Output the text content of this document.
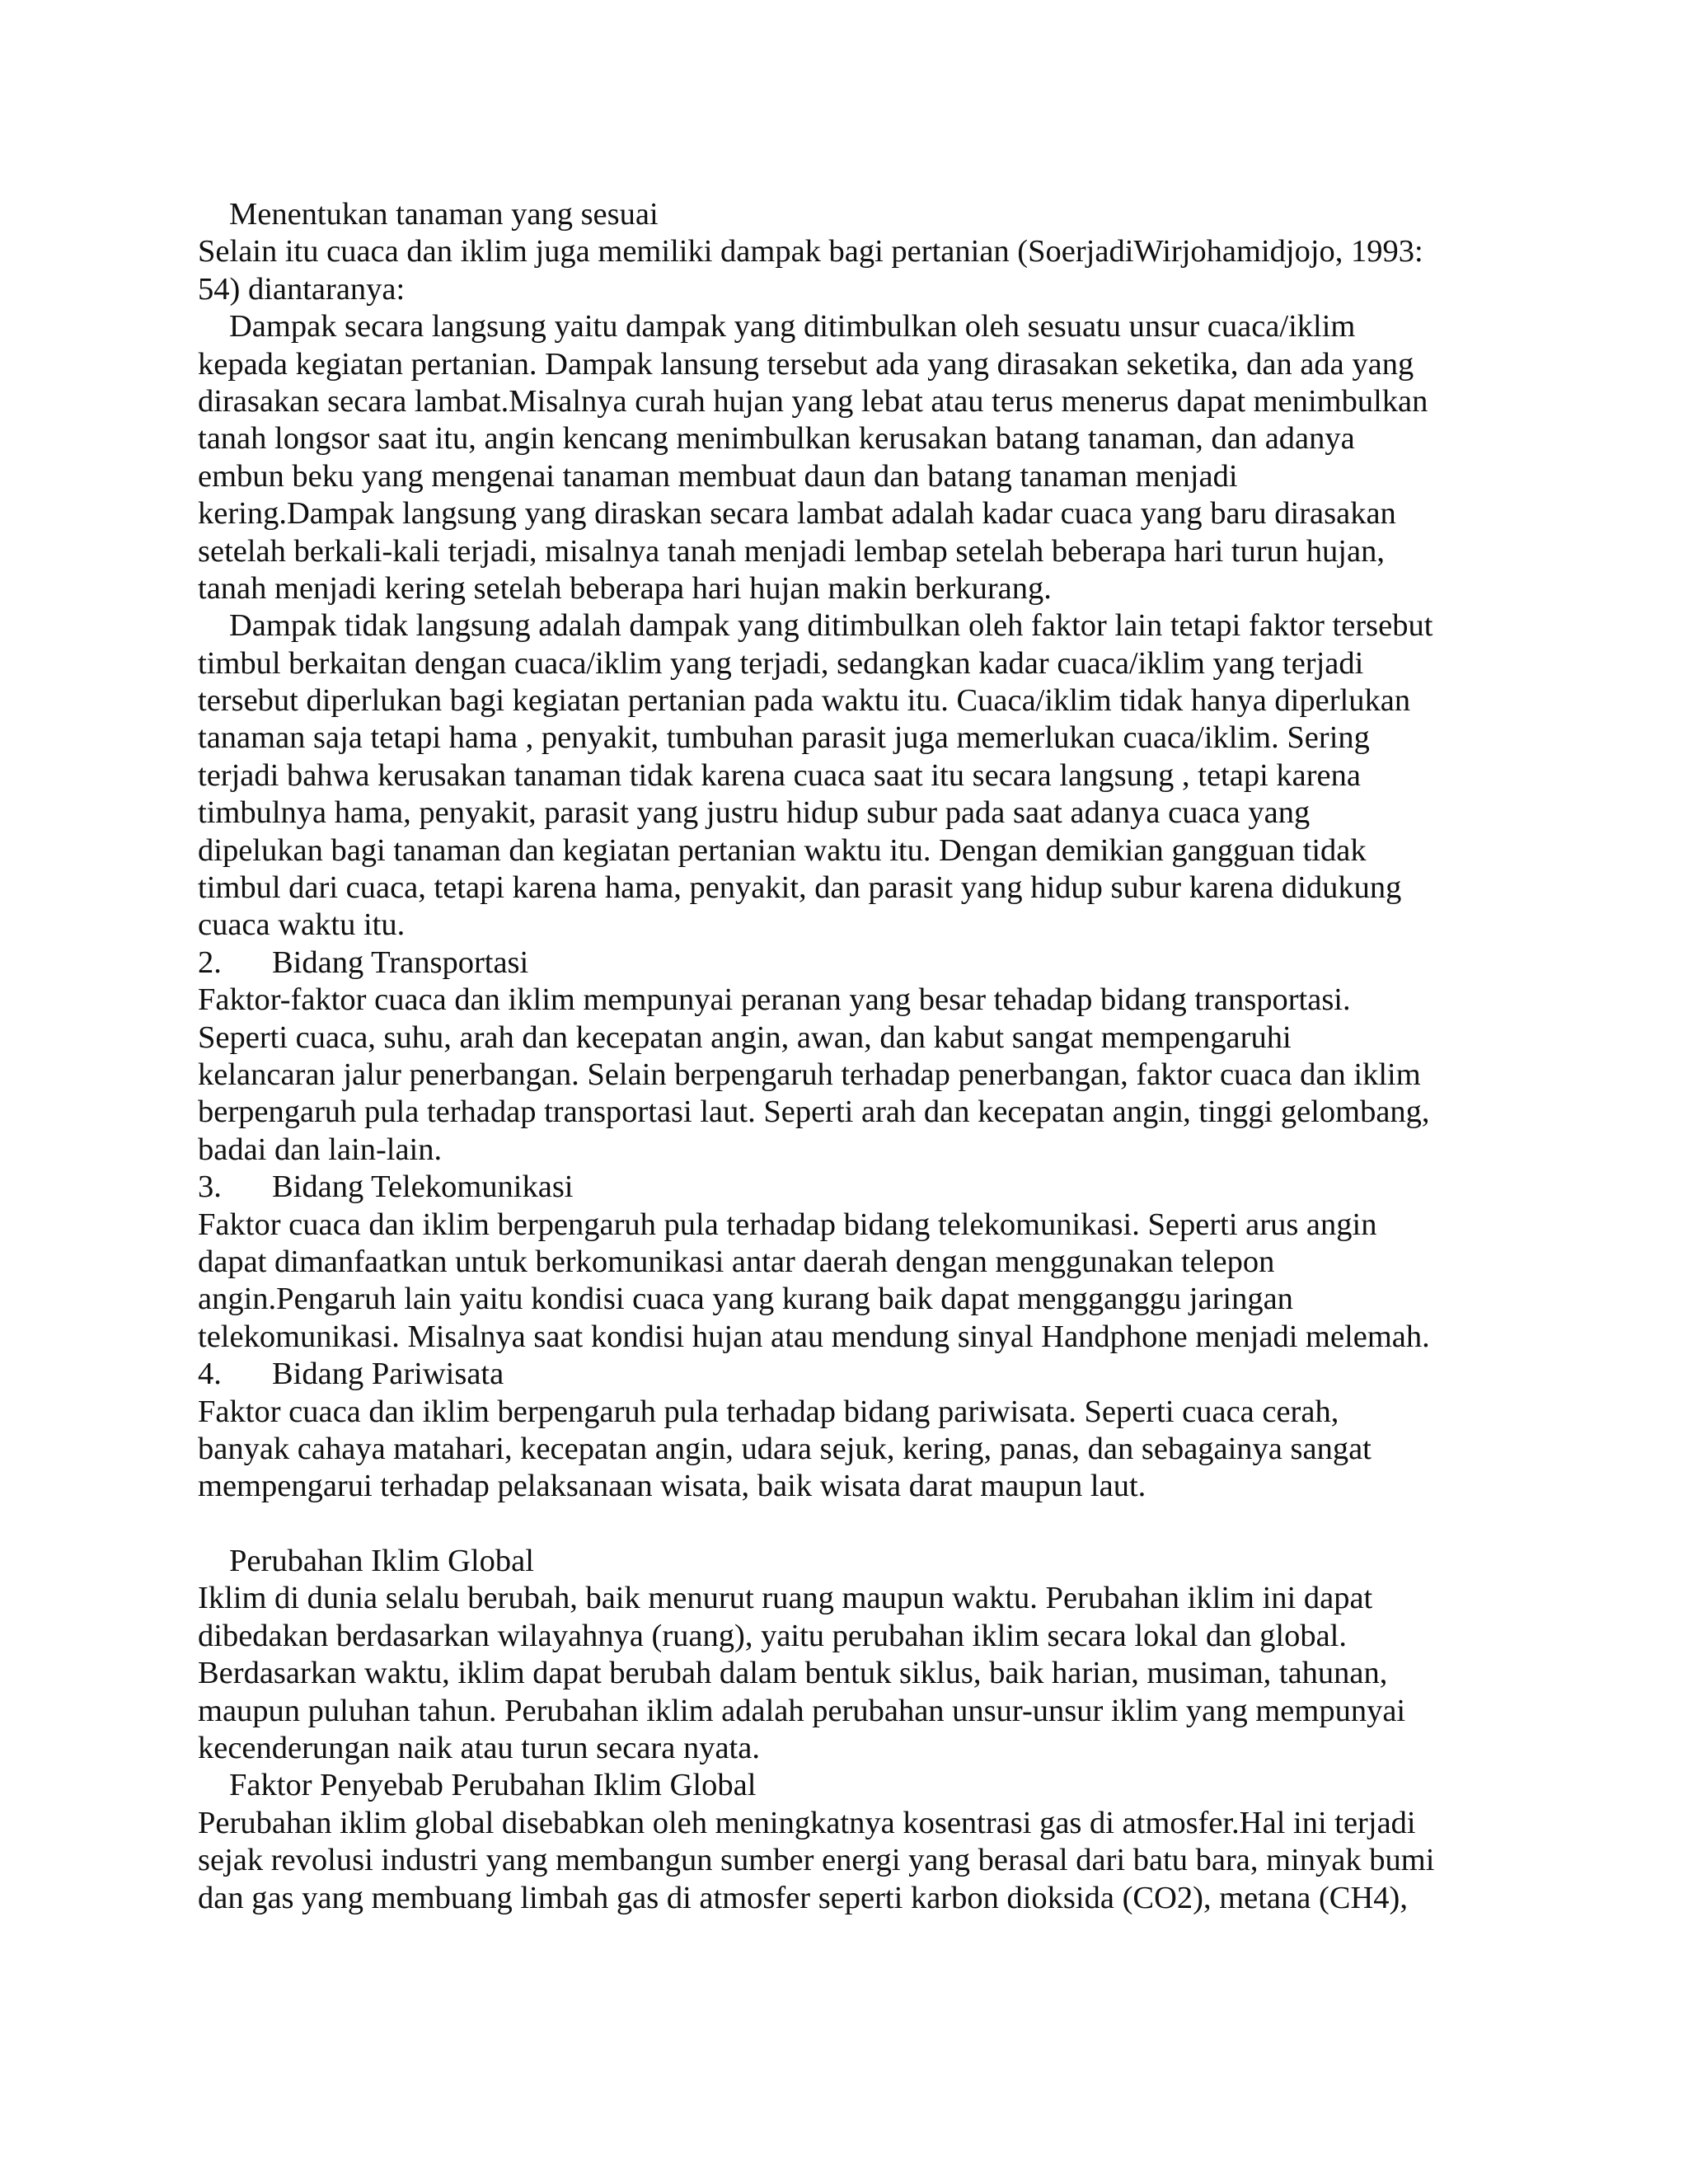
Menentukan tanaman yang sesuai
Selain itu cuaca dan iklim juga memiliki dampak bagi pertanian (SoerjadiWirjohamidjojo, 1993:
54) diantaranya:
Dampak secara langsung yaitu dampak yang ditimbulkan oleh sesuatu unsur cuaca/iklim
kepada kegiatan pertanian. Dampak lansung tersebut ada yang dirasakan seketika, dan ada yang
dirasakan secara lambat.Misalnya curah hujan yang lebat atau terus menerus dapat menimbulkan
tanah longsor saat itu, angin kencang menimbulkan kerusakan batang tanaman, dan adanya
embun beku yang mengenai tanaman membuat daun dan batang tanaman menjadi
kering.Dampak langsung yang diraskan secara lambat adalah kadar cuaca yang baru dirasakan
setelah berkali-kali terjadi, misalnya tanah menjadi lembap setelah beberapa hari turun hujan,
tanah menjadi kering setelah beberapa hari hujan makin berkurang.
Dampak tidak langsung adalah dampak yang ditimbulkan oleh faktor lain tetapi faktor tersebut
timbul berkaitan dengan cuaca/iklim yang terjadi, sedangkan kadar cuaca/iklim yang terjadi
tersebut diperlukan bagi kegiatan pertanian pada waktu itu. Cuaca/iklim tidak hanya diperlukan
tanaman saja tetapi hama , penyakit, tumbuhan parasit juga memerlukan cuaca/iklim. Sering
terjadi bahwa kerusakan tanaman tidak karena cuaca saat itu secara langsung , tetapi karena
timbulnya hama, penyakit, parasit yang justru hidup subur pada saat adanya cuaca yang
dipelukan bagi tanaman dan kegiatan pertanian waktu itu. Dengan demikian gangguan tidak
timbul dari cuaca, tetapi karena hama, penyakit, dan parasit yang hidup subur karena didukung
cuaca waktu itu.
2. Bidang Transportasi
Faktor-faktor cuaca dan iklim mempunyai peranan yang besar tehadap bidang transportasi.
Seperti cuaca, suhu, arah dan kecepatan angin, awan, dan kabut sangat mempengaruhi
kelancaran jalur penerbangan. Selain berpengaruh terhadap penerbangan, faktor cuaca dan iklim
berpengaruh pula terhadap transportasi laut. Seperti arah dan kecepatan angin, tinggi gelombang,
badai dan lain-lain.
3. Bidang Telekomunikasi
Faktor cuaca dan iklim berpengaruh pula terhadap bidang telekomunikasi. Seperti arus angin
dapat dimanfaatkan untuk berkomunikasi antar daerah dengan menggunakan telepon
angin.Pengaruh lain yaitu kondisi cuaca yang kurang baik dapat mengganggu jaringan
telekomunikasi. Misalnya saat kondisi hujan atau mendung sinyal Handphone menjadi melemah.
4. Bidang Pariwisata
Faktor cuaca dan iklim berpengaruh pula terhadap bidang pariwisata. Seperti cuaca cerah,
banyak cahaya matahari, kecepatan angin, udara sejuk, kering, panas, dan sebagainya sangat
mempengarui terhadap pelaksanaan wisata, baik wisata darat maupun laut.
Perubahan Iklim Global
Iklim di dunia selalu berubah, baik menurut ruang maupun waktu. Perubahan iklim ini dapat
dibedakan berdasarkan wilayahnya (ruang), yaitu perubahan iklim secara lokal dan global.
Berdasarkan waktu, iklim dapat berubah dalam bentuk siklus, baik harian, musiman, tahunan,
maupun puluhan tahun. Perubahan iklim adalah perubahan unsur-unsur iklim yang mempunyai
kecenderungan naik atau turun secara nyata.
Faktor Penyebab Perubahan Iklim Global
Perubahan iklim global disebabkan oleh meningkatnya kosentrasi gas di atmosfer.Hal ini terjadi
sejak revolusi industri yang membangun sumber energi yang berasal dari batu bara, minyak bumi
dan gas yang membuang limbah gas di atmosfer seperti karbon dioksida (CO2), metana (CH4),
